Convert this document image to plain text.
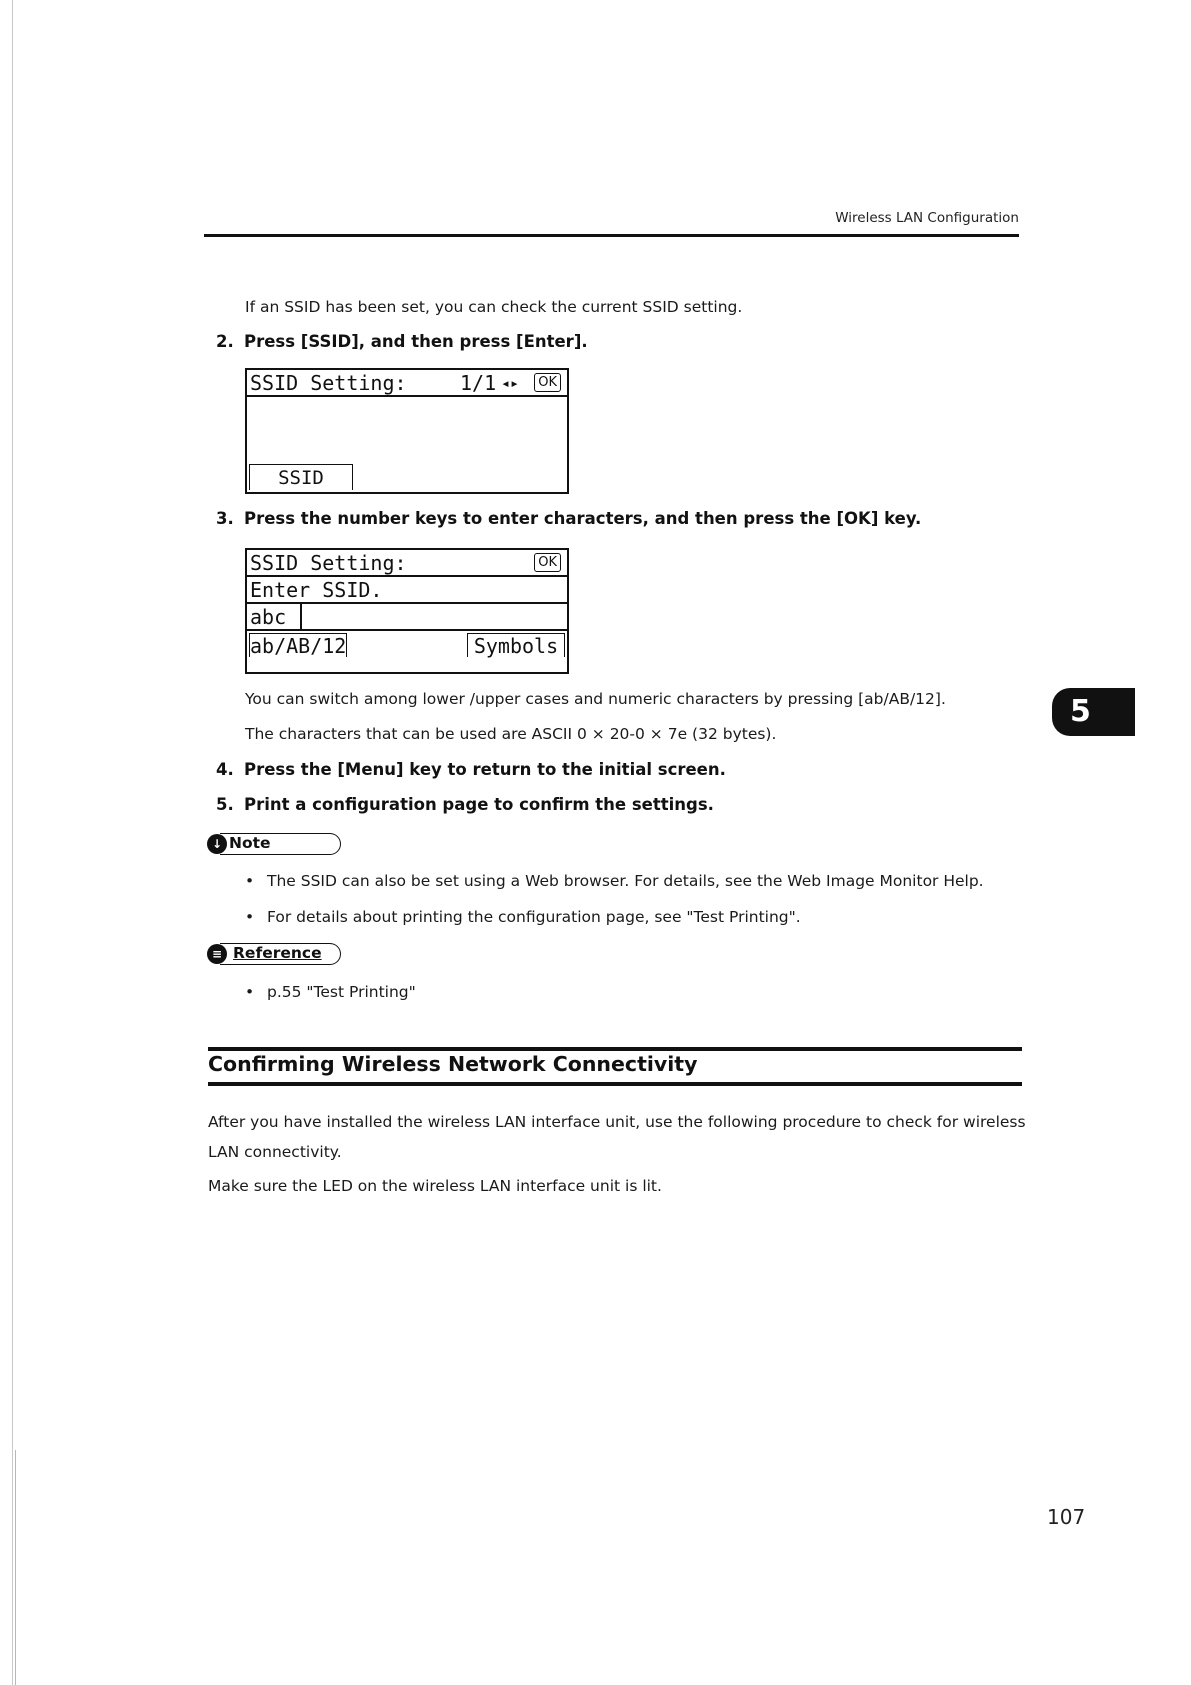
Wireless LAN Configuration
If an SSID has been set, you can check the current SSID setting.
2. Press [SSID], and then press [Enter].
SSID Setting:	1/1 ◂▸	OK
SSID
3. Press the number keys to enter characters, and then press the [OK] key.
SSID Setting:	OK
Enter SSID.
abc
ab/AB/12	Symbols
You can switch among lower /upper cases and numeric characters by pressing [ab/AB/12].
The characters that can be used are ASCII 0 × 20-0 × 7e (32 bytes).
4. Press the [Menu] key to return to the initial screen.
5. Print a configuration page to confirm the settings.
5
↓ Note
• The SSID can also be set using a Web browser. For details, see the Web Image Monitor Help.
• For details about printing the configuration page, see "Test Printing".
≡ Reference
• p.55 "Test Printing"
Confirming Wireless Network Connectivity
After you have installed the wireless LAN interface unit, use the following procedure to check for wireless
LAN connectivity.
Make sure the LED on the wireless LAN interface unit is lit.
107
